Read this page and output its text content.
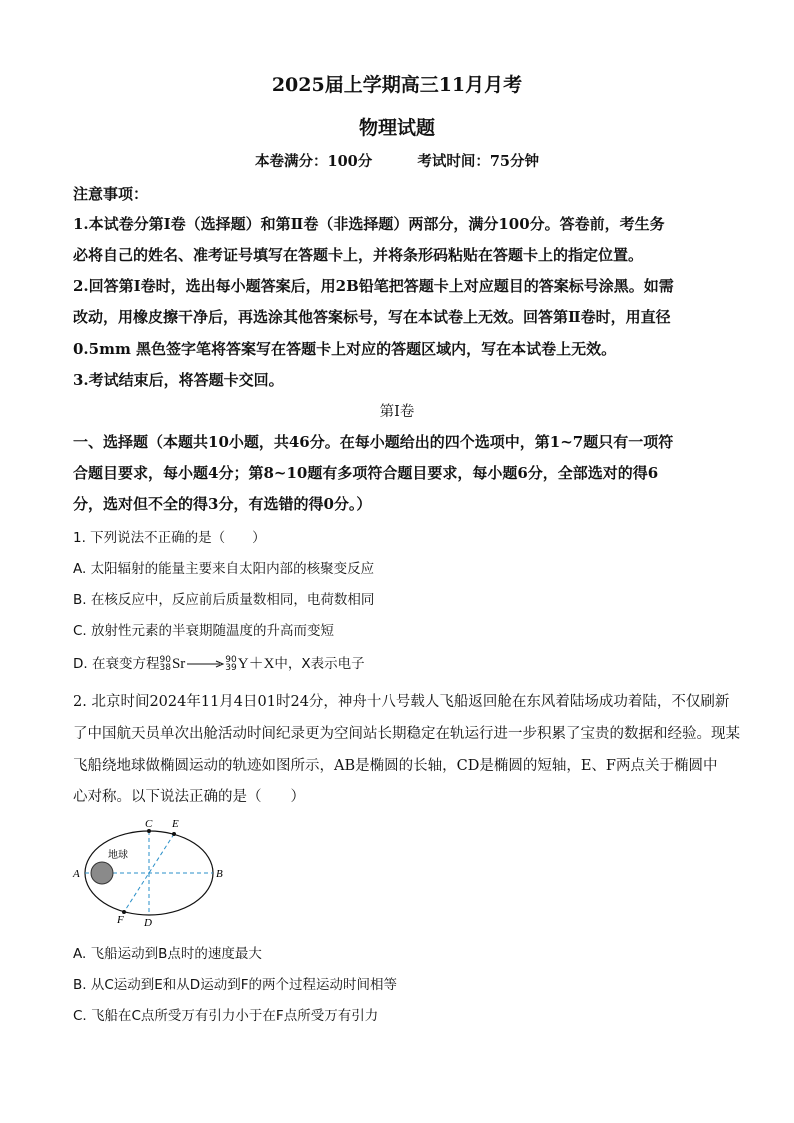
2025届上学期高三11月月考
物理试题
本卷满分：100分	考试时间：75分钟
注意事项：
1.本试卷分第Ⅰ卷（选择题）和第Ⅱ卷（非选择题）两部分，满分100分。答卷前，考生务
必将自己的姓名、准考证号填写在答题卡上，并将条形码粘贴在答题卡上的指定位置。
2.回答第Ⅰ卷时，选出每小题答案后，用2B铅笔把答题卡上对应题目的答案标号涂黑。如需
改动，用橡皮擦干净后，再选涂其他答案标号，写在本试卷上无效。回答第Ⅱ卷时，用直径
0.5mm 黑色签字笔将答案写在答题卡上对应的答题区域内，写在本试卷上无效。
3.考试结束后，将答题卡交回。
第Ⅰ卷
一、选择题（本题共10小题，共46分。在每小题给出的四个选项中，第1~7题只有一项符
合题目要求，每小题4分；第8~10题有多项符合题目要求，每小题6分，全部选对的得6
分，选对但不全的得3分，有选错的得0分。）
1. 下列说法不正确的是（　　）
A. 太阳辐射的能量主要来自太阳内部的核聚变反应
B. 在核反应中，反应前后质量数相同，电荷数相同
C. 放射性元素的半衰期随温度的升高而变短
D. 在衰变方程90
38Sr→90
39Y＋X中，X表示电子
2. 北京时间2024年11月4日01时24分，神舟十八号载人飞船返回舱在东风着陆场成功着陆，不仅刷新
了中国航天员单次出舱活动时间纪录更为空间站长期稳定在轨运行进一步积累了宝贵的数据和经验。现某
飞船绕地球做椭圆运动的轨迹如图所示，AB是椭圆的长轴，CD是椭圆的短轴，E、F两点关于椭圆中
心对称。以下说法正确的是（　　）
地球
A	B
C
D
E
F
A. 飞船运动到B点时的速度最大
B. 从C运动到E和从D运动到F的两个过程运动时间相等
C. 飞船在C点所受万有引力小于在F点所受万有引力
